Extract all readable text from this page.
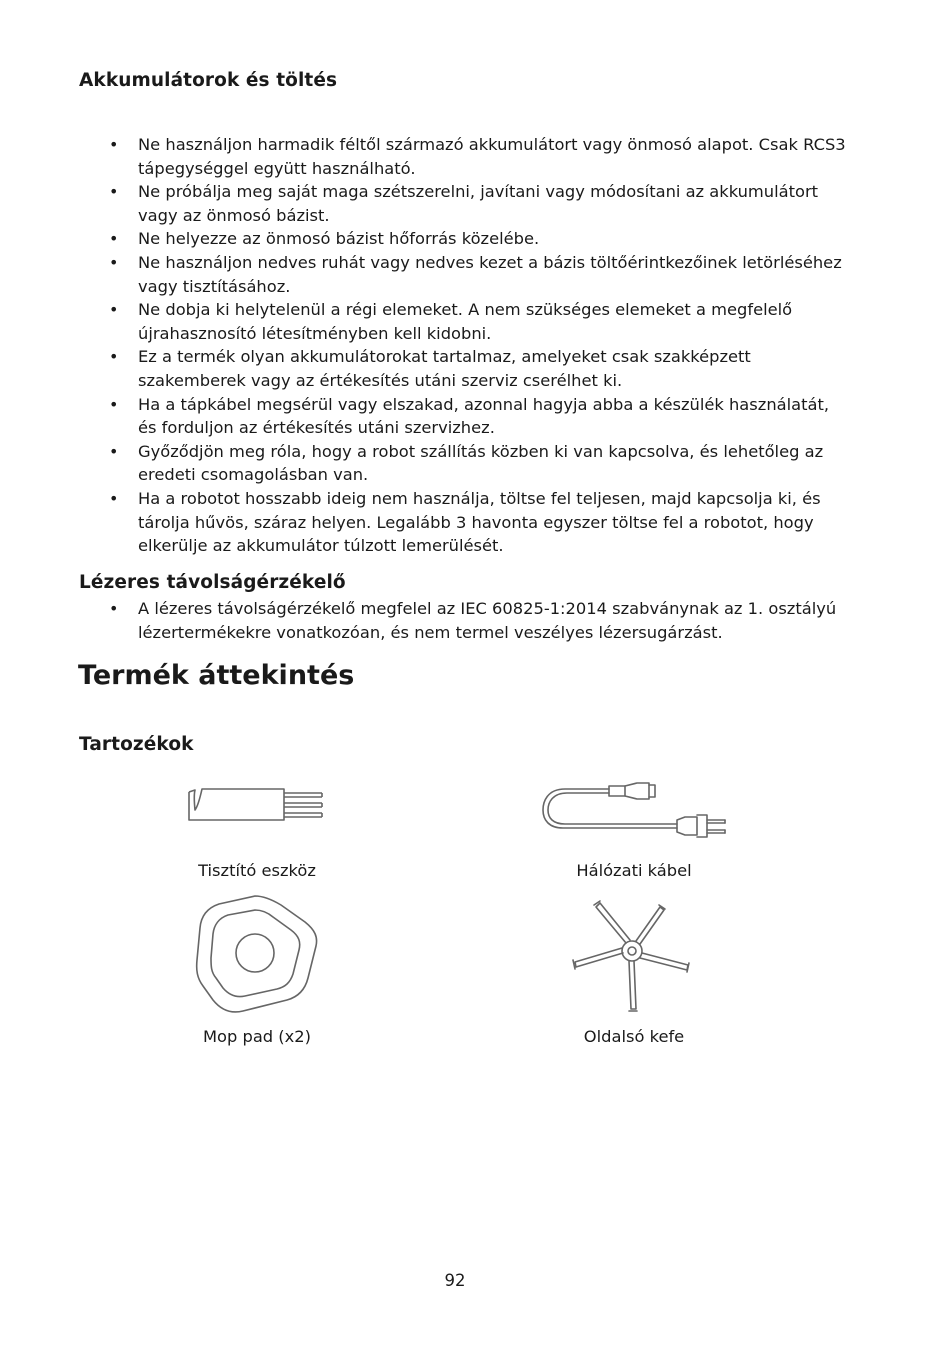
Akkumulátorok és töltés
• Ne használjon harmadik féltől származó akkumulátort vagy önmosó alapot. Csak RCS3 tápegységgel együtt használható.
• Ne próbálja meg saját maga szétszerelni, javítani vagy módosítani az akkumulátort vagy az önmosó bázist.
• Ne helyezze az önmosó bázist hőforrás közelébe.
• Ne használjon nedves ruhát vagy nedves kezet a bázis töltőérintkezőinek letörléséhez vagy tisztításához.
• Ne dobja ki helytelenül a régi elemeket. A nem szükséges elemeket a megfelelő újrahasznosító létesítményben kell kidobni.
• Ez a termék olyan akkumulátorokat tartalmaz, amelyeket csak szakképzett szakemberek vagy az értékesítés utáni szerviz cserélhet ki.
• Ha a tápkábel megsérül vagy elszakad, azonnal hagyja abba a készülék használatát, és forduljon az értékesítés utáni szervizhez.
• Győződjön meg róla, hogy a robot szállítás közben ki van kapcsolva, és lehetőleg az eredeti csomagolásban van.
• Ha a robotot hosszabb ideig nem használja, töltse fel teljesen, majd kapcsolja ki, és tárolja hűvös, száraz helyen. Legalább 3 havonta egyszer töltse fel a robotot, hogy elkerülje az akkumulátor túlzott lemerülését.
Lézeres távolságérzékelő
• A lézeres távolságérzékelő megfelel az IEC 60825-1:2014 szabványnak az 1. osztályú lézertermékekre vonatkozóan, és nem termel veszélyes lézersugárzást.
Termék áttekintés
Tartozékok
Tisztító eszköz	Hálózati kábel
Mop pad (x2)	Oldalsó kefe
92
